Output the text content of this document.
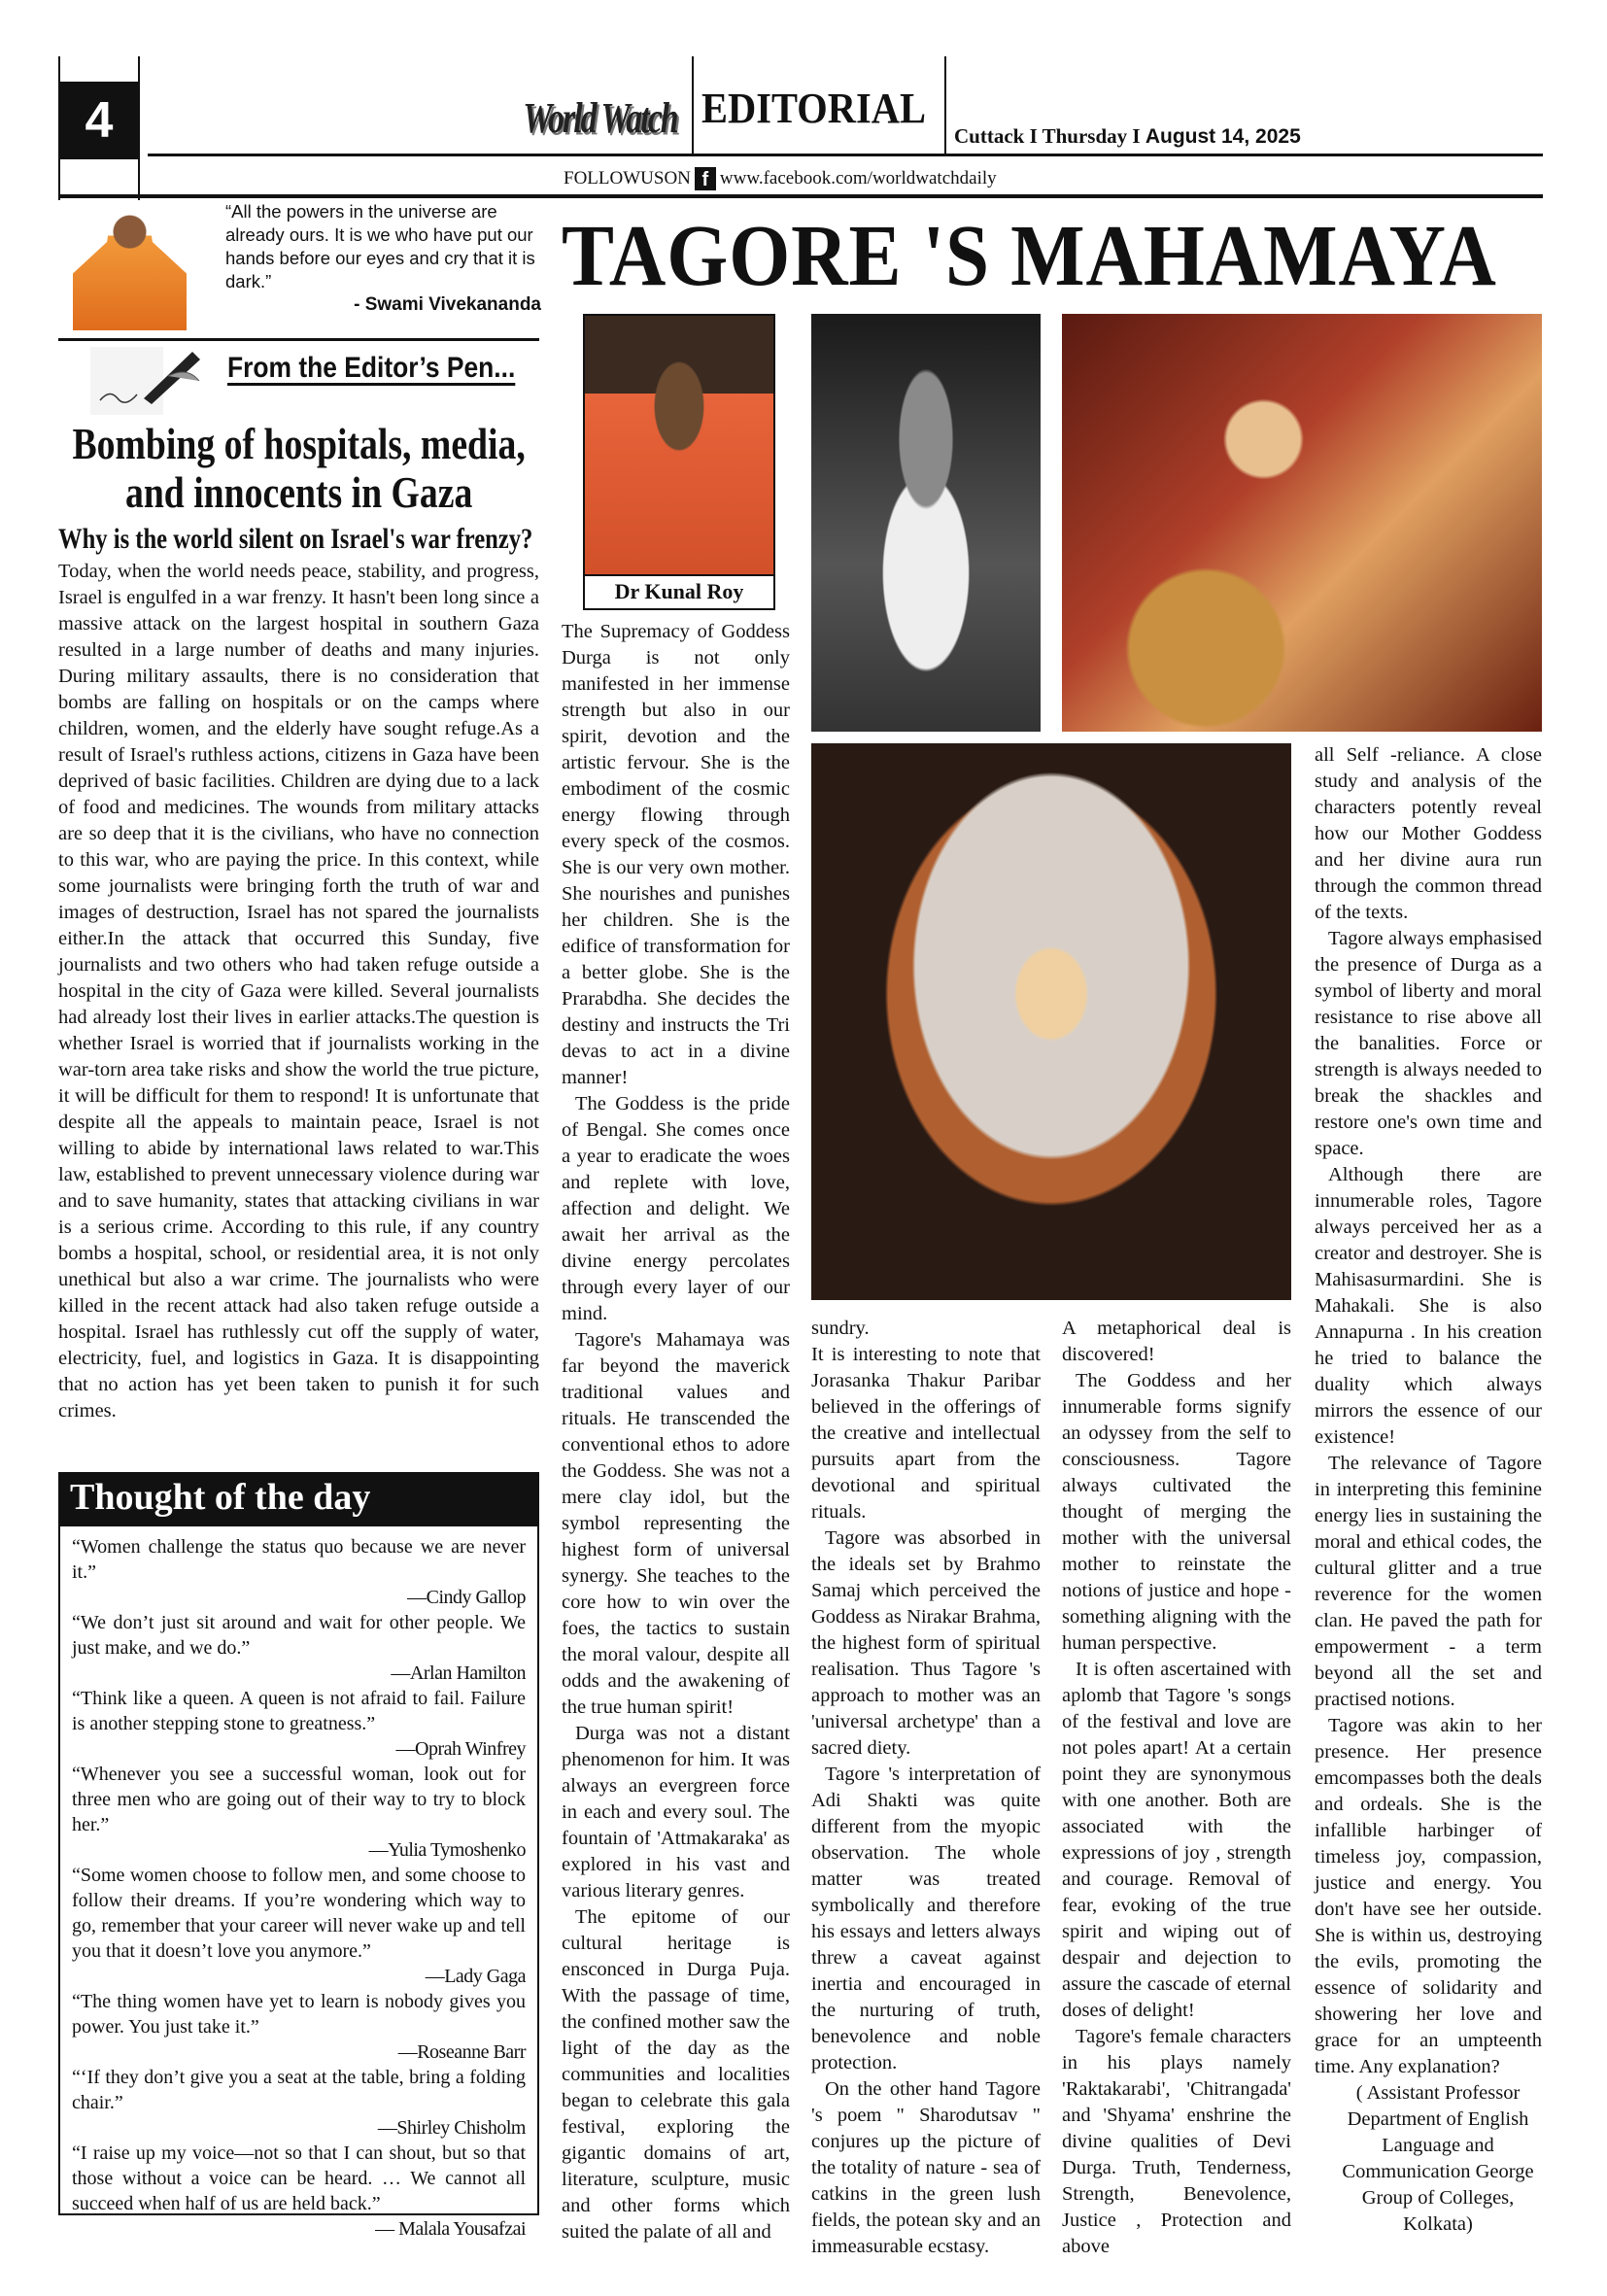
4	World Watch EDITORIAL
Cuttack I Thursday I August 14, 2025
FOLLOWUSON f www.facebook.com/worldwatchdaily
“All the powers in the universe are already ours. It is we who have put our hands before our eyes and cry that it is dark.”
- Swami Vivekananda
From the Editor’s Pen...
Bombing of hospitals, media, and innocents in Gaza
Why is the world silent on Israel's war frenzy?
Today, when the world needs peace, stability, and progress, Israel is engulfed in a war frenzy. It hasn't been long since a massive attack on the largest hospital in southern Gaza resulted in a large number of deaths and many injuries. During military assaults, there is no consideration that bombs are falling on hospitals or on the camps where children, women, and the elderly have sought refuge.As a result of Israel's ruthless actions, citizens in Gaza have been deprived of basic facilities. Children are dying due to a lack of food and medicines. The wounds from military attacks are so deep that it is the civilians, who have no connection to this war, who are paying the price. In this context, while some journalists were bringing forth the truth of war and images of destruction, Israel has not spared the journalists either.In the attack that occurred this Sunday, five journalists and two others who had taken refuge outside a hospital in the city of Gaza were killed. Several journalists had already lost their lives in earlier attacks.The question is whether Israel is worried that if journalists working in the war-torn area take risks and show the world the true picture, it will be difficult for them to respond! It is unfortunate that despite all the appeals to maintain peace, Israel is not willing to abide by international laws related to war.This law, established to prevent unnecessary violence during war and to save humanity, states that attacking civilians in war is a serious crime. According to this rule, if any country bombs a hospital, school, or residential area, it is not only unethical but also a war crime. The journalists who were killed in the recent attack had also taken refuge outside a hospital. Israel has ruthlessly cut off the supply of water, electricity, fuel, and logistics in Gaza. It is disappointing that no action has yet been taken to punish it for such crimes.
Thought of the day
“Women challenge the status quo because we are never it.”
—Cindy Gallop
“We don’t just sit around and wait for other people. We just make, and we do.”
—Arlan Hamilton
“Think like a queen. A queen is not afraid to fail. Failure is another stepping stone to greatness.”
—Oprah Winfrey
“Whenever you see a successful woman, look out for three men who are going out of their way to try to block her.”
—Yulia Tymoshenko
“Some women choose to follow men, and some choose to follow their dreams. If you’re wondering which way to go, remember that your career will never wake up and tell you that it doesn’t love you anymore.”
—Lady Gaga
“The thing women have yet to learn is nobody gives you power. You just take it.”
—Roseanne Barr
“‘If they don’t give you a seat at the table, bring a folding chair.”
—Shirley Chisholm
“I raise up my voice—not so that I can shout, but so that those without a voice can be heard. … We cannot all succeed when half of us are held back.”
— Malala Yousafzai
TAGORE 'S MAHAMAYA
Dr Kunal Roy

The Supremacy of Goddess Durga is not only manifested in her immense strength but also in our spirit, devotion and the artistic fervour. She is the embodiment of the cosmic energy flowing through every speck of the cosmos. She is our very own mother. She nourishes and punishes her children. She is the edifice of transformation for a better globe. She is the Prarabdha. She decides the destiny and instructs the Tri devas to act in a divine manner!

The Goddess is the pride of Bengal. She comes once a year to eradicate the woes and replete with love, affection and delight. We await her arrival as the divine energy percolates through every layer of our mind.

Tagore's Mahamaya was far beyond the maverick traditional values and rituals. He transcended the conventional ethos to adore the Goddess. She was not a mere clay idol, but the symbol representing the highest form of universal synergy. She teaches to the core how to win over the foes, the tactics to sustain the moral valour, despite all odds and the awakening of the true human spirit!

Durga was not a distant phenomenon for him. It was always an evergreen force in each and every soul. The fountain of 'Attmakaraka' as explored in his vast and various literary genres.

The epitome of our cultural heritage is ensconced in Durga Puja. With the passage of time, the confined mother saw the light of the day as the communities and localities began to celebrate this gala festival, exploring the gigantic domains of art, literature, sculpture, music and other forms which suited the palate of all and

sundry.

It is interesting to note that Jorasanka Thakur Paribar believed in the offerings of the creative and intellectual pursuits apart from the devotional and spiritual rituals.

Tagore was absorbed in the ideals set by Brahmo Samaj which perceived the Goddess as Nirakar Brahma, the highest form of spiritual realisation. Thus Tagore 's approach to mother was an 'universal archetype' than a sacred diety.

Tagore 's interpretation of Adi Shakti was quite different from the myopic observation. The whole matter was treated symbolically and therefore his essays and letters always threw a caveat against inertia and encouraged in the nurturing of truth, benevolence and noble protection.

On the other hand Tagore 's poem " Sharodutsav " conjures up the picture of the totality of nature - sea of catkins in the green lush fields, the potean sky and an immeasurable ecstasy.

A metaphorical deal is discovered!

The Goddess and her innumerable forms signify an odyssey from the self to consciousness. Tagore always cultivated the thought of merging the mother with the universal mother to reinstate the notions of justice and hope - something aligning with the human perspective.

It is often ascertained with aplomb that Tagore 's songs of the festival and love are not poles apart! At a certain point they are synonymous with one another. Both are associated with the expressions of joy , strength and courage. Removal of fear, evoking of the true spirit and wiping out of despair and dejection to assure the cascade of eternal doses of delight!

Tagore's female characters in his plays namely 'Raktakarabi', 'Chitrangada' and 'Shyama' enshrine the divine qualities of Devi Durga. Truth, Tenderness, Strength, Benevolence, Justice , Protection and above

all Self -reliance. A close study and analysis of the characters potently reveal how our Mother Goddess and her divine aura run through the common thread of the texts.

Tagore always emphasised the presence of Durga as a symbol of liberty and moral resistance to rise above all the banalities. Force or strength is always needed to break the shackles and restore one's own time and space.

Although there are innumerable roles, Tagore always perceived her as a creator and destroyer. She is Mahisasurmardini. She is Mahakali. She is also Annapurna . In his creation he tried to balance the duality which always mirrors the essence of our existence!

The relevance of Tagore in interpreting this feminine energy lies in sustaining the moral and ethical codes, the cultural glitter and a true reverence for the women clan. He paved the path for empowerment - a term beyond all the set and practised notions.

Tagore was akin to her presence. Her presence emcompasses both the deals and ordeals. She is the infallible harbinger of timeless joy, compassion, justice and energy. You don't have see her outside. She is within us, destroying the evils, promoting the essence of solidarity and showering her love and grace for an umpteenth time. Any explanation?

( Assistant Professor Department of English Language and Communication George Group of Colleges, Kolkata)
